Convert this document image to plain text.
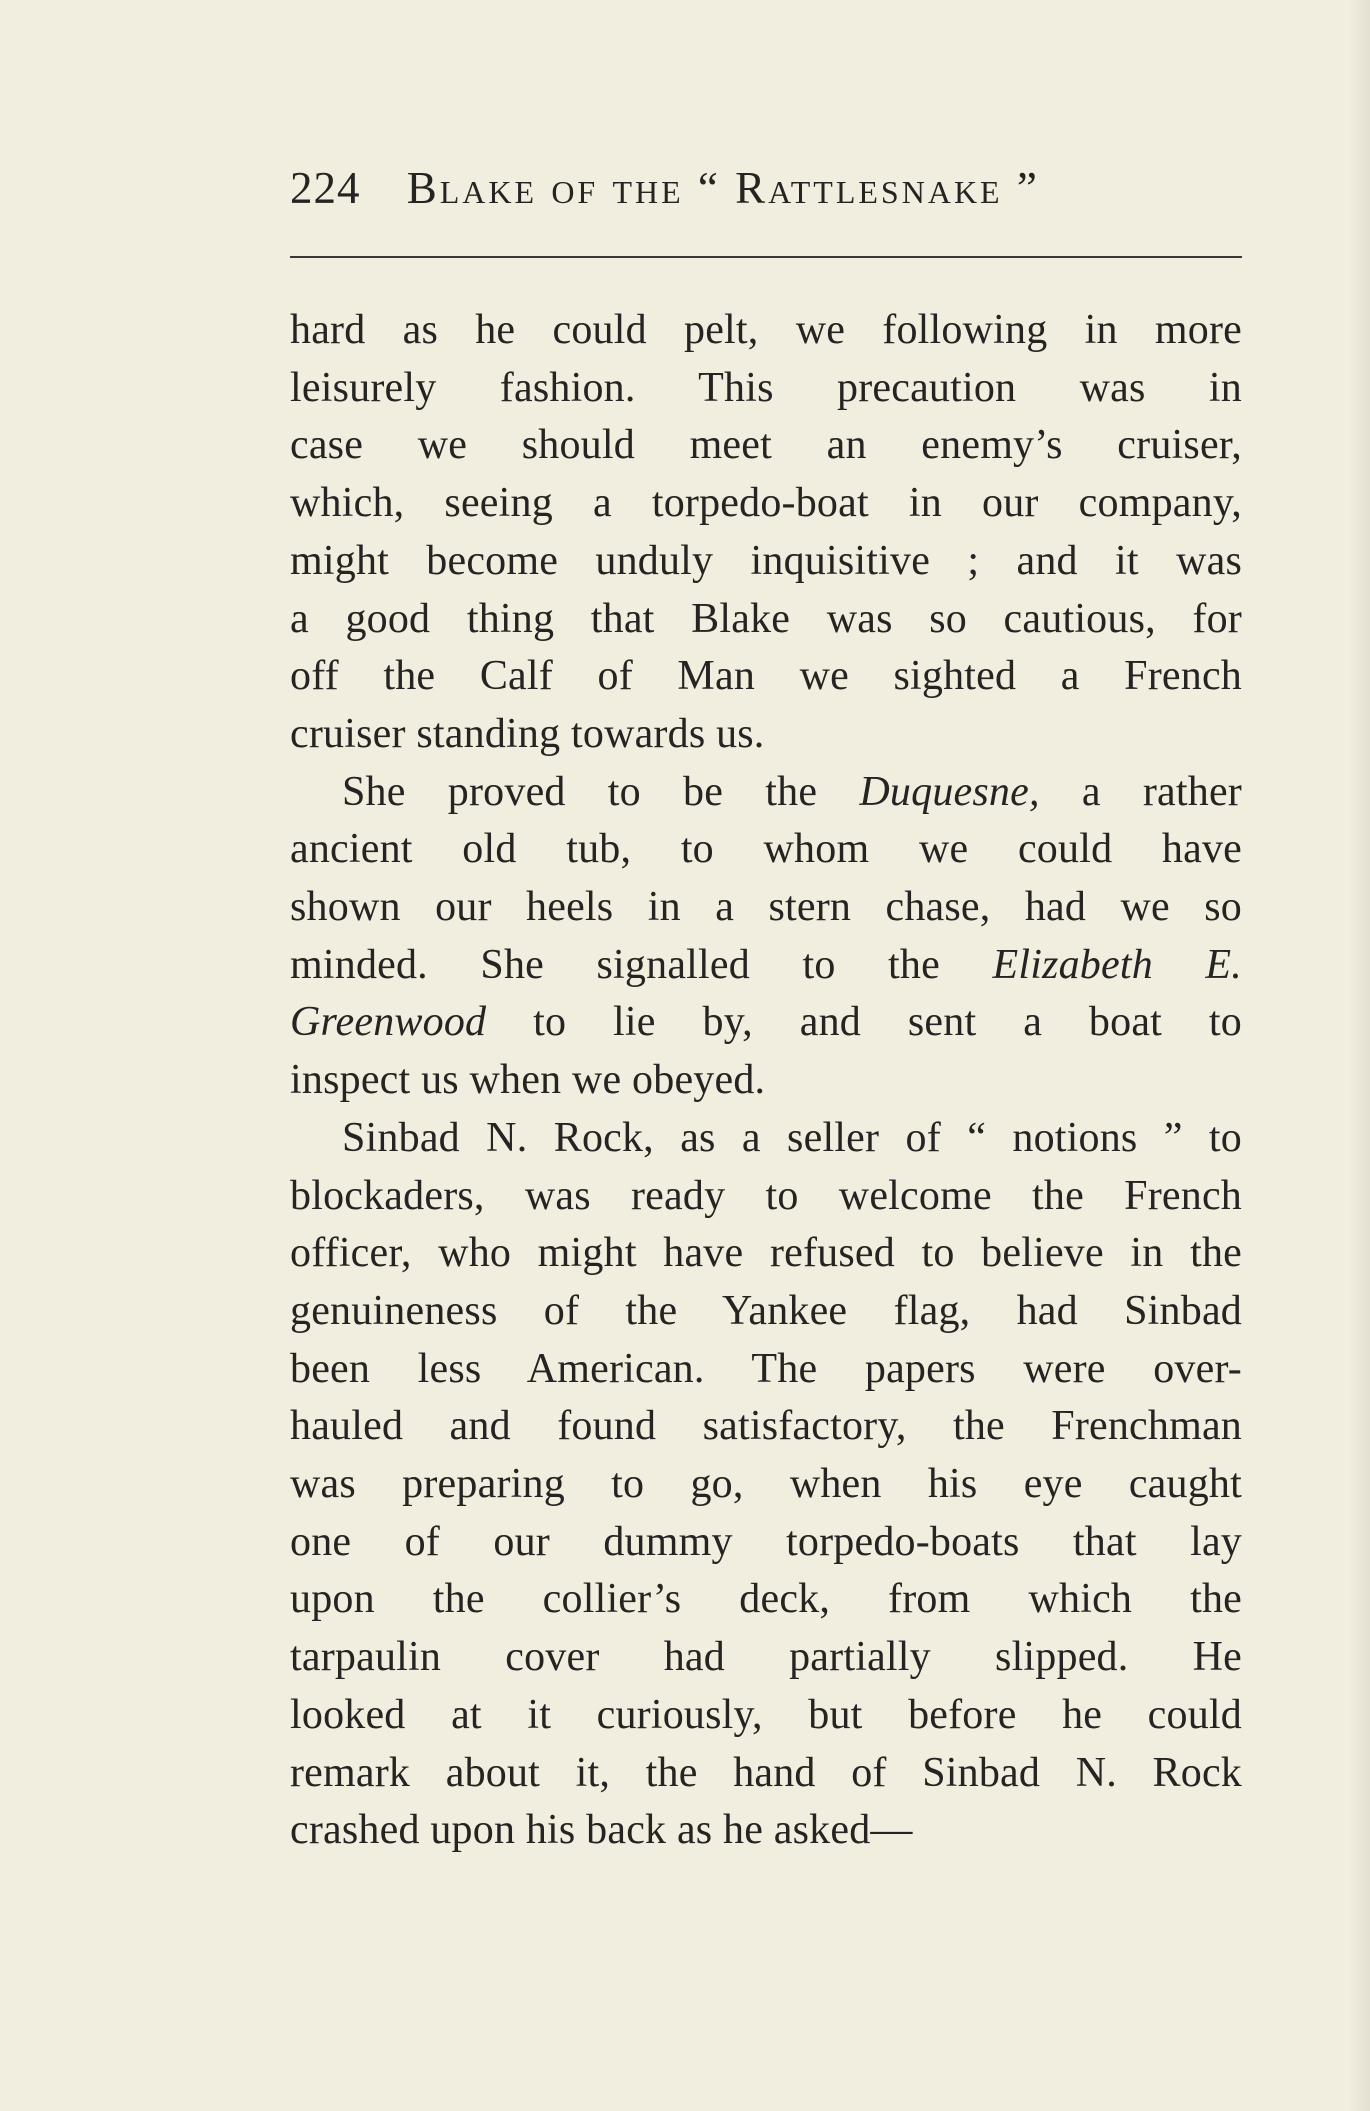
224 Blake of the “ Rattlesnake ”

hard as he could pelt, we following in more
leisurely fashion. This precaution was in
case we should meet an enemy’s cruiser,
which, seeing a torpedo-boat in our company,
might become unduly inquisitive ; and it was
a good thing that Blake was so cautious, for
off the Calf of Man we sighted a French
cruiser standing towards us.

She proved to be the Duquesne, a rather
ancient old tub, to whom we could have
shown our heels in a stern chase, had we so
minded. She signalled to the Elizabeth E.
Greenwood to lie by, and sent a boat to
inspect us when we obeyed.

Sinbad N. Rock, as a seller of “ notions ” to
blockaders, was ready to welcome the French
officer, who might have refused to believe in the
genuineness of the Yankee flag, had Sinbad
been less American. The papers were over-
hauled and found satisfactory, the Frenchman
was preparing to go, when his eye caught
one of our dummy torpedo-boats that lay
upon the collier’s deck, from which the
tarpaulin cover had partially slipped. He
looked at it curiously, but before he could
remark about it, the hand of Sinbad N. Rock
crashed upon his back as he asked—
